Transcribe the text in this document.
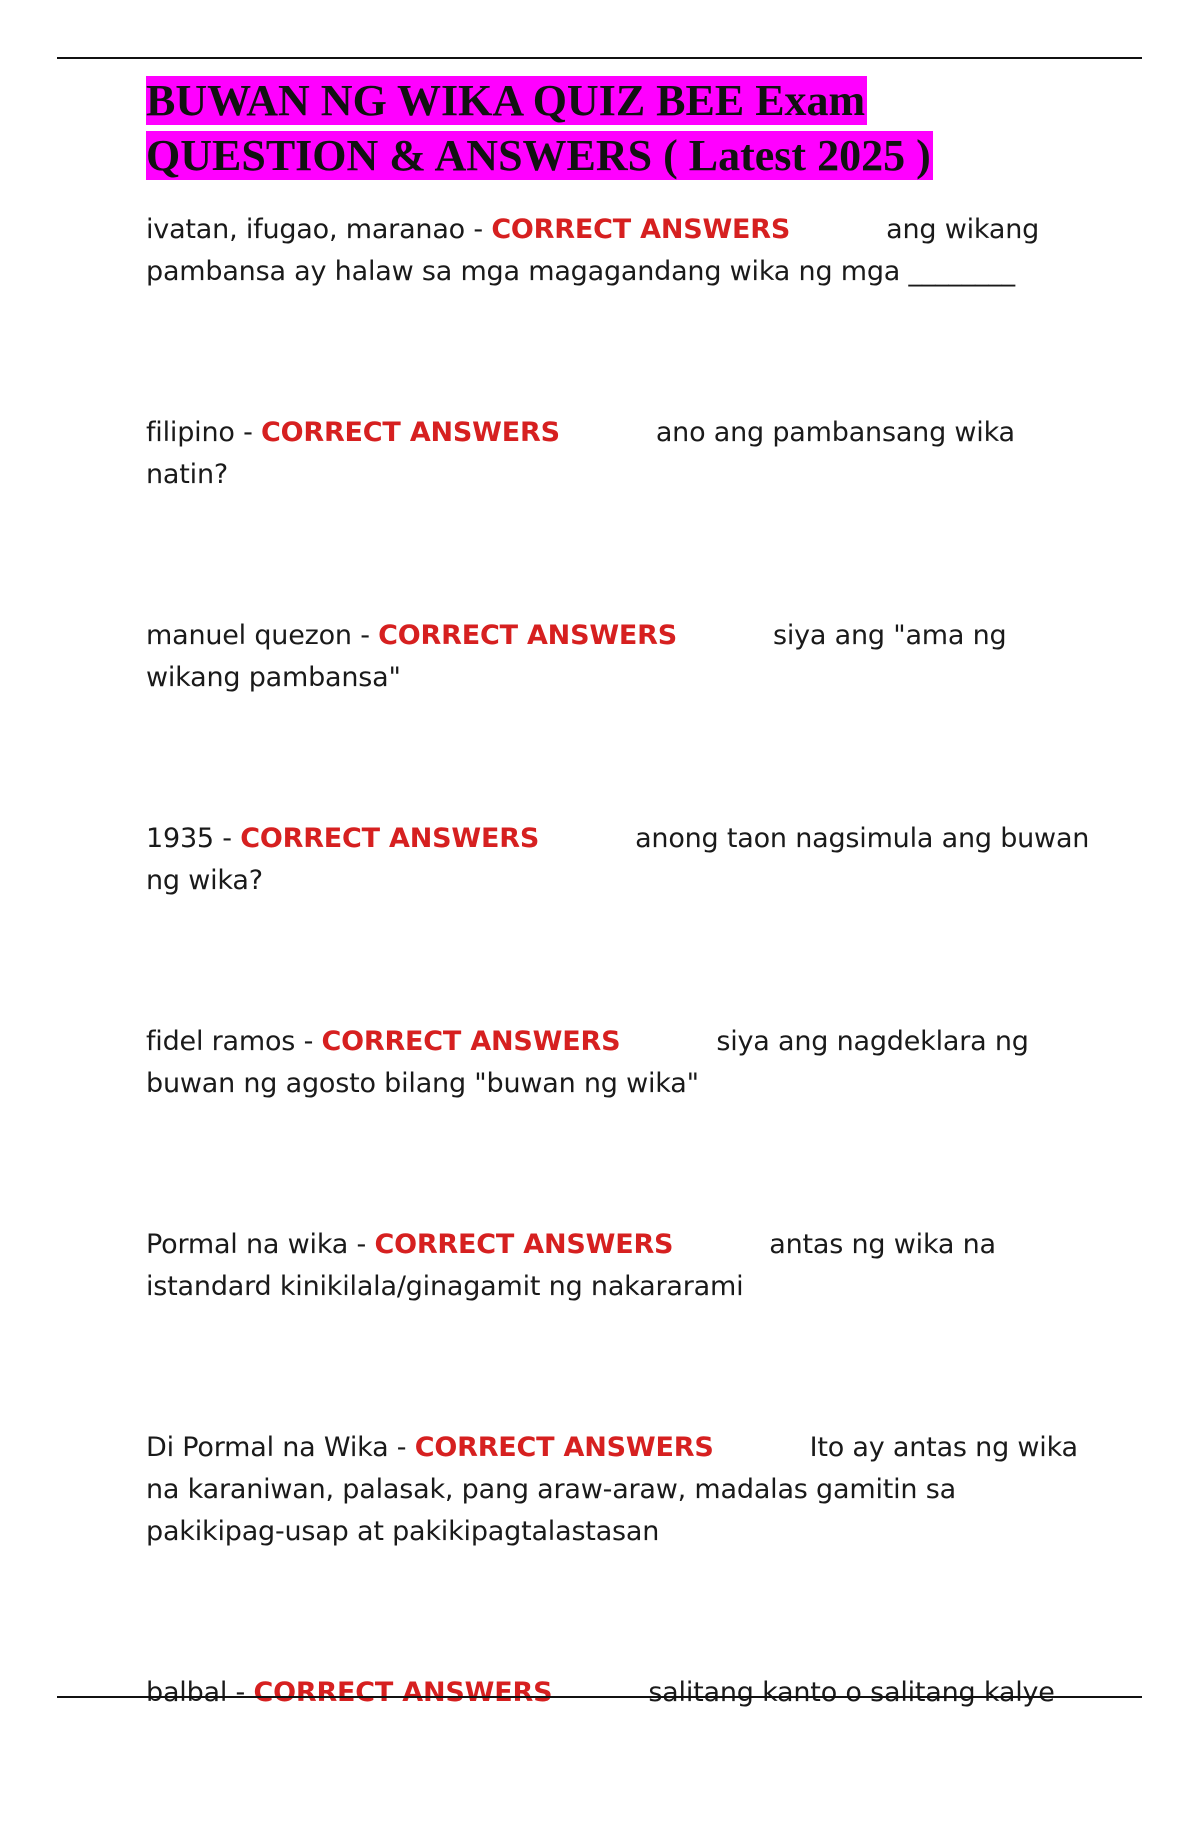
BUWAN NG WIKA QUIZ BEE Exam
QUESTION & ANSWERS ( Latest 2025 )

ivatan, ifugao, maranao - CORRECT ANSWERS	ang wikang pambansa ay halaw sa mga magagandang wika ng mga ________

filipino - CORRECT ANSWERS	ano ang pambansang wika natin?

manuel quezon - CORRECT ANSWERS	siya ang "ama ng wikang pambansa"

1935 - CORRECT ANSWERS	anong taon nagsimula ang buwan ng wika?

fidel ramos - CORRECT ANSWERS	siya ang nagdeklara ng buwan ng agosto bilang "buwan ng wika"

Pormal na wika - CORRECT ANSWERS	antas ng wika na istandard kinikilala/ginagamit ng nakararami

Di Pormal na Wika - CORRECT ANSWERS	Ito ay antas ng wika na karaniwan, palasak, pang araw-araw, madalas gamitin sa pakikipag-usap at pakikipagtalastasan

balbal - CORRECT ANSWERS	salitang kanto o salitang kalye
